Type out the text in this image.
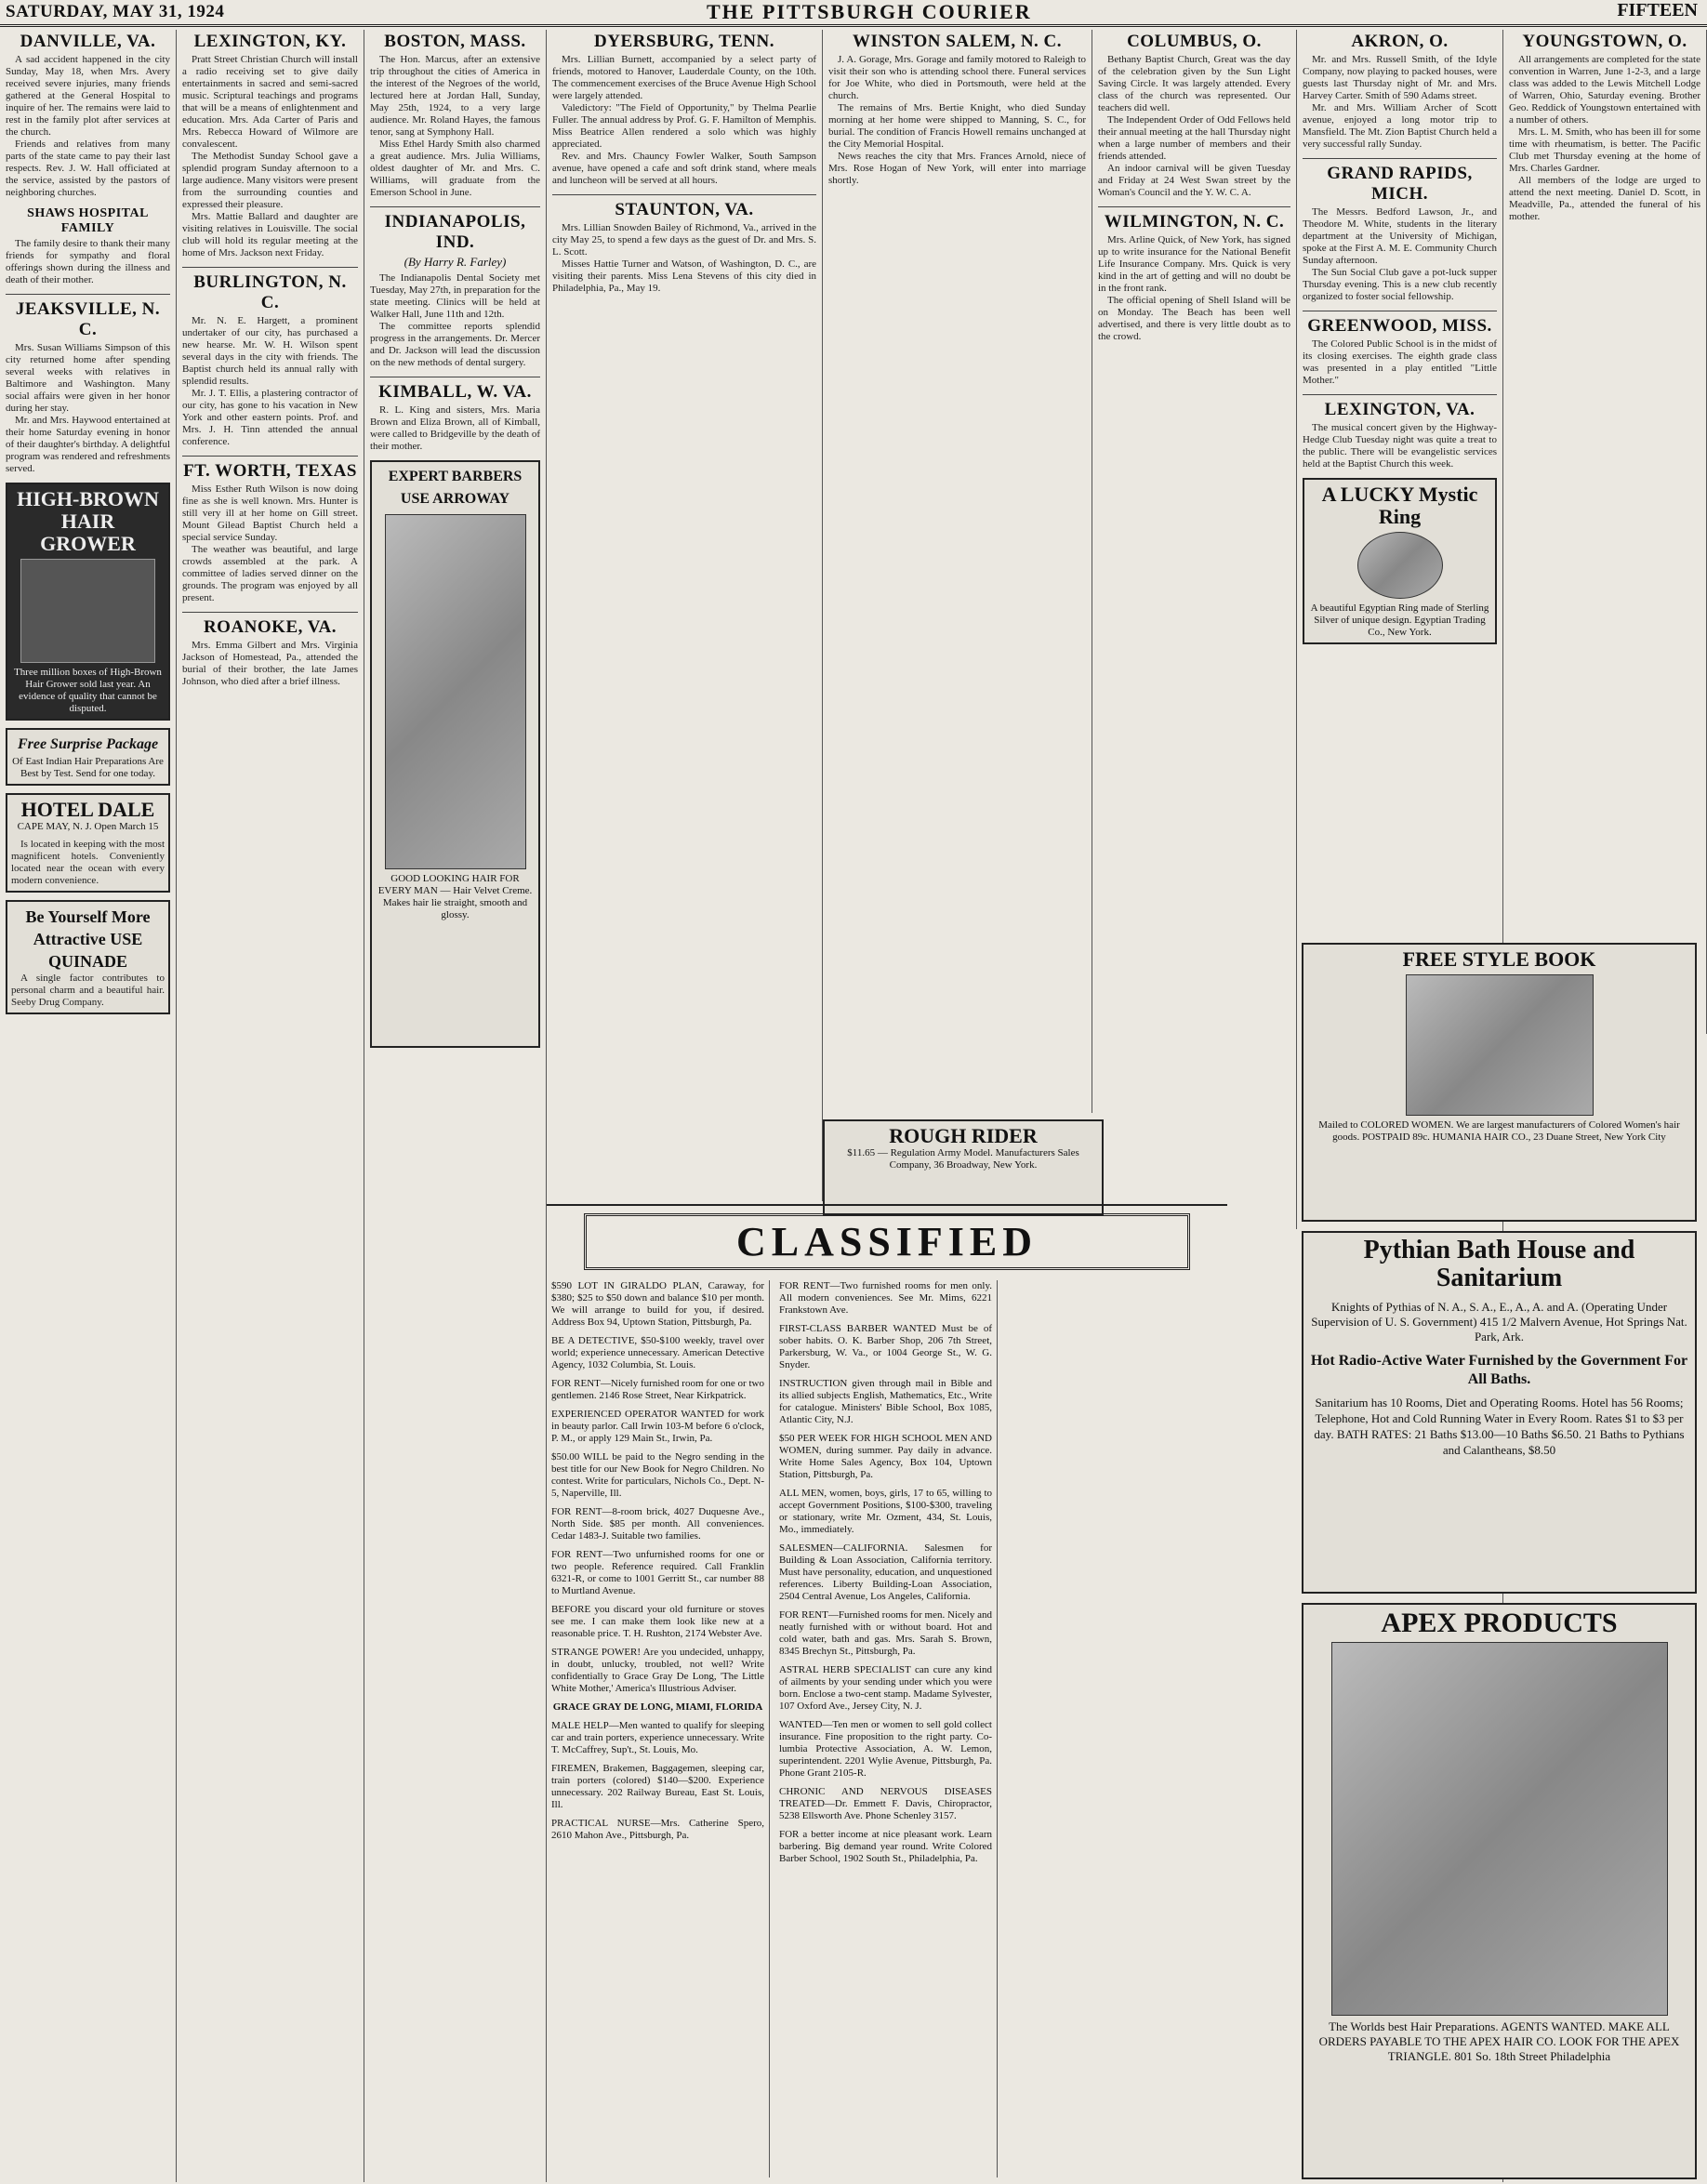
SATURDAY, MAY 31, 1924	THE PITTSBURGH COURIER	FIFTEEN
DANVILLE, VA.

A sad accident happened in the city Sunday, May 18, when Mrs. Avery received severe injuries, many friends gathered at the General Hospital to inquire of her. The remains were laid to rest in the family plot after services at the church.

Friends and relatives from many parts of the state came to pay their last respects. Rev. J. W. Hall officiated at the service, assisted by the pastors of neighboring churches.

SHAWS HOSPITAL FAMILY

The family desire to thank their many friends for sympathy and floral offerings shown during the illness and death of their mother.

JEAKSVILLE, N. C.

Mrs. Susan Williams Simpson of this city returned home after spending several weeks with relatives in Baltimore and Washington. Many social affairs were given in her honor during her stay.

Mr. and Mrs. Haywood entertained at their home Saturday evening in honor of their daughter's birthday. A delightful program was rendered and refreshments served.

HIGH-BROWN HAIR GROWER
Three million boxes of High-Brown Hair Grower sold last year. An evidence of quality that cannot be disputed.
Free Surprise Package
Of East Indian Hair Preparations Are Best by Test. Send for one today.
HOTEL DALE
CAPE MAY, N. J. Open March 15

Is located in keeping with the most magnificent hotels. Conveniently located near the ocean with every modern convenience.

Be Yourself More Attractive USE QUINADE

A single factor contributes to personal charm and a beautiful hair. Seeby Drug Company.

LEXINGTON, KY.

Pratt Street Christian Church will install a radio receiving set to give daily entertainments in sacred and semi-sacred music. Scriptural teachings and programs that will be a means of enlightenment and education. Mrs. Ada Carter of Paris and Mrs. Rebecca Howard of Wilmore are convalescent.

The Methodist Sunday School gave a splendid program Sunday afternoon to a large audience. Many visitors were present from the surrounding counties and expressed their pleasure.

Mrs. Mattie Ballard and daughter are visiting relatives in Louisville. The social club will hold its regular meeting at the home of Mrs. Jackson next Friday.

BURLINGTON, N. C.

Mr. N. E. Hargett, a prominent undertaker of our city, has purchased a new hearse. Mr. W. H. Wilson spent several days in the city with friends. The Baptist church held its annual rally with splendid results.

Mr. J. T. Ellis, a plastering contractor of our city, has gone to his vacation in New York and other eastern points. Prof. and Mrs. J. H. Tinn attended the annual conference.

FT. WORTH, TEXAS

Miss Esther Ruth Wilson is now doing fine as she is well known. Mrs. Hunter is still very ill at her home on Gill street. Mount Gilead Baptist Church held a special service Sunday.

The weather was beautiful, and large crowds assembled at the park. A committee of ladies served dinner on the grounds. The program was enjoyed by all present.

ROANOKE, VA.

Mrs. Emma Gilbert and Mrs. Virginia Jackson of Homestead, Pa., attended the burial of their brother, the late James Johnson, who died after a brief illness.

BOSTON, MASS.

The Hon. Marcus, after an extensive trip throughout the cities of America in the interest of the Negroes of the world, lectured here at Jordan Hall, Sunday, May 25th, 1924, to a very large audience. Mr. Roland Hayes, the famous tenor, sang at Symphony Hall.

Miss Ethel Hardy Smith also charmed a great audience. Mrs. Julia Williams, oldest daughter of Mr. and Mrs. C. Williams, will graduate from the Emerson School in June.

INDIANAPOLIS, IND.
(By Harry R. Farley)

The Indianapolis Dental Society met Tuesday, May 27th, in preparation for the state meeting. Clinics will be held at Walker Hall, June 11th and 12th.

The committee reports splendid progress in the arrangements. Dr. Mercer and Dr. Jackson will lead the discussion on the new methods of dental surgery.

KIMBALL, W. VA.

R. L. King and sisters, Mrs. Maria Brown and Eliza Brown, all of Kimball, were called to Bridgeville by the death of their mother.

EXPERT BARBERS USE ARROWAY
GOOD LOOKING HAIR FOR EVERY MAN — Hair Velvet Creme. Makes hair lie straight, smooth and glossy.
DYERSBURG, TENN.

Mrs. Lillian Burnett, accompanied by a select party of friends, motored to Hanover, Lauderdale County, on the 10th. The commencement exercises of the Bruce Avenue High School were largely attended.

Valedictory: "The Field of Opportunity," by Thelma Pearlie Fuller. The annual address by Prof. G. F. Hamilton of Memphis. Miss Beatrice Allen rendered a solo which was highly appreciated.

Rev. and Mrs. Chauncy Fowler Walker, South Sampson avenue, have opened a cafe and soft drink stand, where meals and luncheon will be served at all hours.

STAUNTON, VA.

Mrs. Lillian Snowden Bailey of Richmond, Va., arrived in the city May 25, to spend a few days as the guest of Dr. and Mrs. S. L. Scott.

Misses Hattie Turner and Watson, of Washington, D. C., are visiting their parents. Miss Lena Stevens of this city died in Philadelphia, Pa., May 19.

WINSTON SALEM, N. C.

J. A. Gorage, Mrs. Gorage and family motored to Raleigh to visit their son who is attending school there. Funeral services for Joe White, who died in Portsmouth, were held at the church.

The remains of Mrs. Bertie Knight, who died Sunday morning at her home were shipped to Manning, S. C., for burial. The condition of Francis Howell remains unchanged at the City Memorial Hospital.

News reaches the city that Mrs. Frances Arnold, niece of Mrs. Rose Hogan of New York, will enter into marriage shortly.

ROUGH RIDER
$11.65 — Regulation Army Model. Manufacturers Sales Company, 36 Broadway, New York.
COLUMBUS, O.

Bethany Baptist Church, Great was the day of the celebration given by the Sun Light Saving Circle. It was largely attended. Every class of the church was represented. Our teachers did well.

The Independent Order of Odd Fellows held their annual meeting at the hall Thursday night when a large number of members and their friends attended.

An indoor carnival will be given Tuesday and Friday at 24 West Swan street by the Woman's Council and the Y. W. C. A.

WILMINGTON, N. C.

Mrs. Arline Quick, of New York, has signed up to write insurance for the National Benefit Life Insurance Company. Mrs. Quick is very kind in the art of getting and will no doubt be in the front rank.

The official opening of Shell Island will be on Monday. The Beach has been well advertised, and there is very little doubt as to the crowd.

AKRON, O.

Mr. and Mrs. Russell Smith, of the Idyle Company, now playing to packed houses, were guests last Thursday night of Mr. and Mrs. Harvey Carter. Smith of 590 Adams street.

Mr. and Mrs. William Archer of Scott avenue, enjoyed a long motor trip to Mansfield. The Mt. Zion Baptist Church held a very successful rally Sunday.

GRAND RAPIDS, MICH.

The Messrs. Bedford Lawson, Jr., and Theodore M. White, students in the literary department at the University of Michigan, spoke at the First A. M. E. Community Church Sunday afternoon.

The Sun Social Club gave a pot-luck supper Thursday evening. This is a new club recently organized to foster social fellowship.

GREENWOOD, MISS.

The Colored Public School is in the midst of its closing exercises. The eighth grade class was presented in a play entitled "Little Mother."

LEXINGTON, VA.

The musical concert given by the Highway-Hedge Club Tuesday night was quite a treat to the public. There will be evangelistic services held at the Baptist Church this week.

A LUCKY Mystic Ring
A beautiful Egyptian Ring made of Sterling Silver of unique design. Egyptian Trading Co., New York.
YOUNGSTOWN, O.

All arrangements are completed for the state convention in Warren, June 1-2-3, and a large class was added to the Lewis Mitchell Lodge of Warren, Ohio, Saturday evening. Brother Geo. Reddick of Youngstown entertained with a number of others.

Mrs. L. M. Smith, who has been ill for some time with rheumatism, is better. The Pacific Club met Thursday evening at the home of Mrs. Charles Gardner.

All members of the lodge are urged to attend the next meeting. Daniel D. Scott, in Meadville, Pa., attended the funeral of his mother.

FREE STYLE BOOK
Mailed to COLORED WOMEN. We are largest manufacturers of Colored Women's hair goods. POSTPAID 89c. HUMANIA HAIR CO., 23 Duane Street, New York City
Pythian Bath House and Sanitarium
Knights of Pythias of N. A., S. A., E., A., A. and A. (Operating Under Supervision of U. S. Government) 415 1/2 Malvern Avenue, Hot Springs Nat. Park, Ark.
Hot Radio-Active Water Furnished by the Government For All Baths.
Sanitarium has 10 Rooms, Diet and Operating Rooms. Hotel has 56 Rooms; Telephone, Hot and Cold Running Water in Every Room. Rates $1 to $3 per day. BATH RATES: 21 Baths $13.00—10 Baths $6.50. 21 Baths to Pythians and Calantheans, $8.50
APEX PRODUCTS
The Worlds best Hair Preparations. AGENTS WANTED. MAKE ALL ORDERS PAYABLE TO THE APEX HAIR CO. LOOK FOR THE APEX TRIANGLE. 801 So. 18th Street Philadelphia
CLASSIFIED

$590 LOT IN GIRALDO PLAN, Caraway, for $380; $25 to $50 down and balance $10 per month. We will arrange to build for you, if desired. Address Box 94, Uptown Station, Pittsburgh, Pa.

BE A DETECTIVE, $50-$100 weekly, travel over world; experience unnecessary. American Detective Agency, 1032 Columbia, St. Louis.

FOR RENT—Nicely furnished room for one or two gentlemen. 2146 Rose Street, Near Kirkpatrick.

EXPERIENCED OPERATOR WANTED for work in beauty parlor. Call Irwin 103-M before 6 o'clock, P. M., or apply 129 Main St., Irwin, Pa.

$50.00 WILL be paid to the Negro sending in the best title for our New Book for Negro Children. No contest. Write for particulars, Nichols Co., Dept. N-5, Naperville, Ill.

FOR RENT—8-room brick, 4027 Duquesne Ave., North Side. $85 per month. All conveniences. Cedar 1483-J. Suitable two families.

FOR RENT—Two unfurnished rooms for one or two people. Reference required. Call Franklin 6321-R, or come to 1001 Gerritt St., car number 88 to Murtland Avenue.

BEFORE you discard your old furniture or stoves see me. I can make them look like new at a reasonable price. T. H. Rushton, 2174 Webster Ave.

STRANGE POWER! Are you undecided, unhappy, in doubt, unlucky, troubled, not well? Write confidentially to Grace Gray De Long, 'The Little White Mother,' America's Illustrious Adviser.

GRACE GRAY DE LONG, MIAMI, FLORIDA

MALE HELP—Men wanted to qualify for sleeping car and train porters, experience unnecessary. Write T. McCaffrey, Sup't., St. Louis, Mo.

FIREMEN, Brakemen, Baggagemen, sleeping car, train porters (colored) $140—$200. Experience unnecessary. 202 Railway Bureau, East St. Louis, Ill.

PRACTICAL NURSE—Mrs. Catherine Spero, 2610 Mahon Ave., Pittsburgh, Pa.

FOR RENT—Two furnished rooms for men only. All modern conveniences. See Mr. Mims, 6221 Frankstown Ave.

FIRST-CLASS BARBER WANTED Must be of sober habits. O. K. Barber Shop, 206 7th Street, Parkersburg, W. Va., or 1004 George St., W. G. Snyder.

INSTRUCTION given through mail in Bible and its allied subjects English, Mathematics, Etc., Write for catalogue. Ministers' Bible School, Box 1085, Atlantic City, N.J.

$50 PER WEEK FOR HIGH SCHOOL MEN AND WOMEN, during summer. Pay daily in advance. Write Home Sales Agency, Box 104, Uptown Station, Pittsburgh, Pa.

ALL MEN, women, boys, girls, 17 to 65, willing to accept Government Positions, $100-$300, traveling or stationary, write Mr. Ozment, 434, St. Louis, Mo., immediately.

SALESMEN—CALIFORNIA. Salesmen for Building & Loan Association, California territory. Must have personality, education, and unquestioned references. Liberty Building-Loan Association, 2504 Central Avenue, Los Angeles, California.

FOR RENT—Furnished rooms for men. Nicely and neatly furnished with or without board. Hot and cold water, bath and gas. Mrs. Sarah S. Brown, 8345 Brechyn St., Pittsburgh, Pa.

ASTRAL HERB SPECIALIST can cure any kind of ailments by your sending under which you were born. Enclose a two-cent stamp. Madame Sylvester, 107 Oxford Ave., Jersey City, N. J.

WANTED—Ten men or women to sell gold collect insurance. Fine proposition to the right party. Co-lumbia Protective Association, A. W. Lemon, superintendent. 2201 Wylie Avenue, Pittsburgh, Pa. Phone Grant 2105-R.

CHRONIC AND NERVOUS DISEASES TREATED—Dr. Emmett F. Davis, Chiropractor, 5238 Ellsworth Ave. Phone Schenley 3157.

FOR a better income at nice pleasant work. Learn barbering. Big demand year round. Write Colored Barber School, 1902 South St., Philadelphia, Pa.
